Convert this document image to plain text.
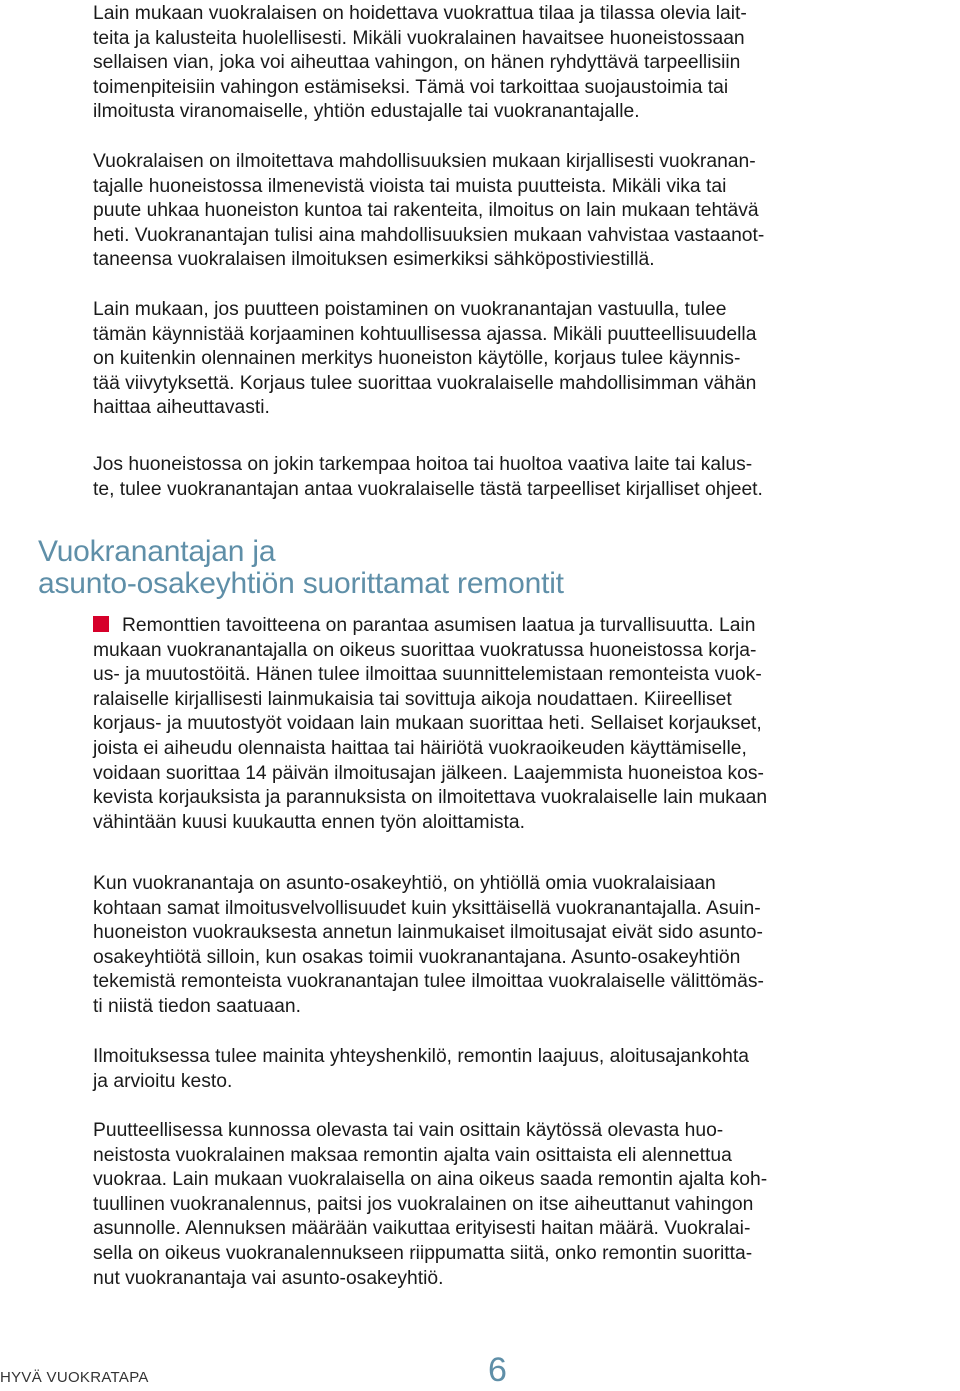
Lain mukaan vuokralaisen on hoidettava vuokrattua tilaa ja tilassa olevia lait-
teita ja kalusteita huolellisesti. Mikäli vuokralainen havaitsee huoneistossaan
sellaisen vian, joka voi aiheuttaa vahingon, on hänen ryhdyttävä tarpeellisiin
toimenpiteisiin vahingon estämiseksi. Tämä voi tarkoittaa suojaustoimia tai
ilmoitusta viranomaiselle, yhtiön edustajalle tai vuokranantajalle.
Vuokralaisen on ilmoitettava mahdollisuuksien mukaan kirjallisesti vuokranan-
tajalle huoneistossa ilmenevistä vioista tai muista puutteista. Mikäli vika tai
puute uhkaa huoneiston kuntoa tai rakenteita, ilmoitus on lain mukaan tehtävä
heti. Vuokranantajan tulisi aina mahdollisuuksien mukaan vahvistaa vastaanot-
taneensa vuokralaisen ilmoituksen esimerkiksi sähköpostiviestillä.
Lain mukaan, jos puutteen poistaminen on vuokranantajan vastuulla, tulee
tämän käynnistää korjaaminen kohtuullisessa ajassa. Mikäli puutteellisuudella
on kuitenkin olennainen merkitys huoneiston käytölle, korjaus tulee käynnis-
tää viivytyksettä. Korjaus tulee suorittaa vuokralaiselle mahdollisimman vähän
haittaa aiheuttavasti.
Jos huoneistossa on jokin tarkempaa hoitoa tai huoltoa vaativa laite tai kalus-
te, tulee vuokranantajan antaa vuokralaiselle tästä tarpeelliset kirjalliset ohjeet.
Vuokranantajan ja
asunto-osakeyhtiön suorittamat remontit
Remonttien tavoitteena on parantaa asumisen laatua ja turvallisuutta. Lain
mukaan vuokranantajalla on oikeus suorittaa vuokratussa huoneistossa korja-
us- ja muutostöitä. Hänen tulee ilmoittaa suunnittelemistaan remonteista vuok-
ralaiselle kirjallisesti lainmukaisia tai sovittuja aikoja noudattaen. Kiireelliset
korjaus- ja muutostyöt voidaan lain mukaan suorittaa heti. Sellaiset korjaukset,
joista ei aiheudu olennaista haittaa tai häiriötä vuokraoikeuden käyttämiselle,
voidaan suorittaa 14 päivän ilmoitusajan jälkeen. Laajemmista huoneistoa kos-
kevista korjauksista ja parannuksista on ilmoitettava vuokralaiselle lain mukaan
vähintään kuusi kuukautta ennen työn aloittamista.
Kun vuokranantaja on asunto-osakeyhtiö, on yhtiöllä omia vuokralaisiaan
kohtaan samat ilmoitusvelvollisuudet kuin yksittäisellä vuokranantajalla. Asuin-
huoneiston vuokrauksesta annetun lainmukaiset ilmoitusajat eivät sido asunto-
osakeyhtiötä silloin, kun osakas toimii vuokranantajana. Asunto-osakeyhtiön
tekemistä remonteista vuokranantajan tulee ilmoittaa vuokralaiselle välittömäs-
ti niistä tiedon saatuaan.
Ilmoituksessa tulee mainita yhteyshenkilö, remontin laajuus, aloitusajankohta
ja arvioitu kesto.
Puutteellisessa kunnossa olevasta tai vain osittain käytössä olevasta huo-
neistosta vuokralainen maksaa remontin ajalta vain osittaista eli alennettua
vuokraa. Lain mukaan vuokralaisella on aina oikeus saada remontin ajalta koh-
tuullinen vuokranalennus, paitsi jos vuokralainen on itse aiheuttanut vahingon
asunnolle. Alennuksen määrään vaikuttaa erityisesti haitan määrä. Vuokralai-
sella on oikeus vuokranalennukseen riippumatta siitä, onko remontin suoritta-
nut vuokranantaja vai asunto-osakeyhtiö.
HYVÄ VUOKRATAPA	6
